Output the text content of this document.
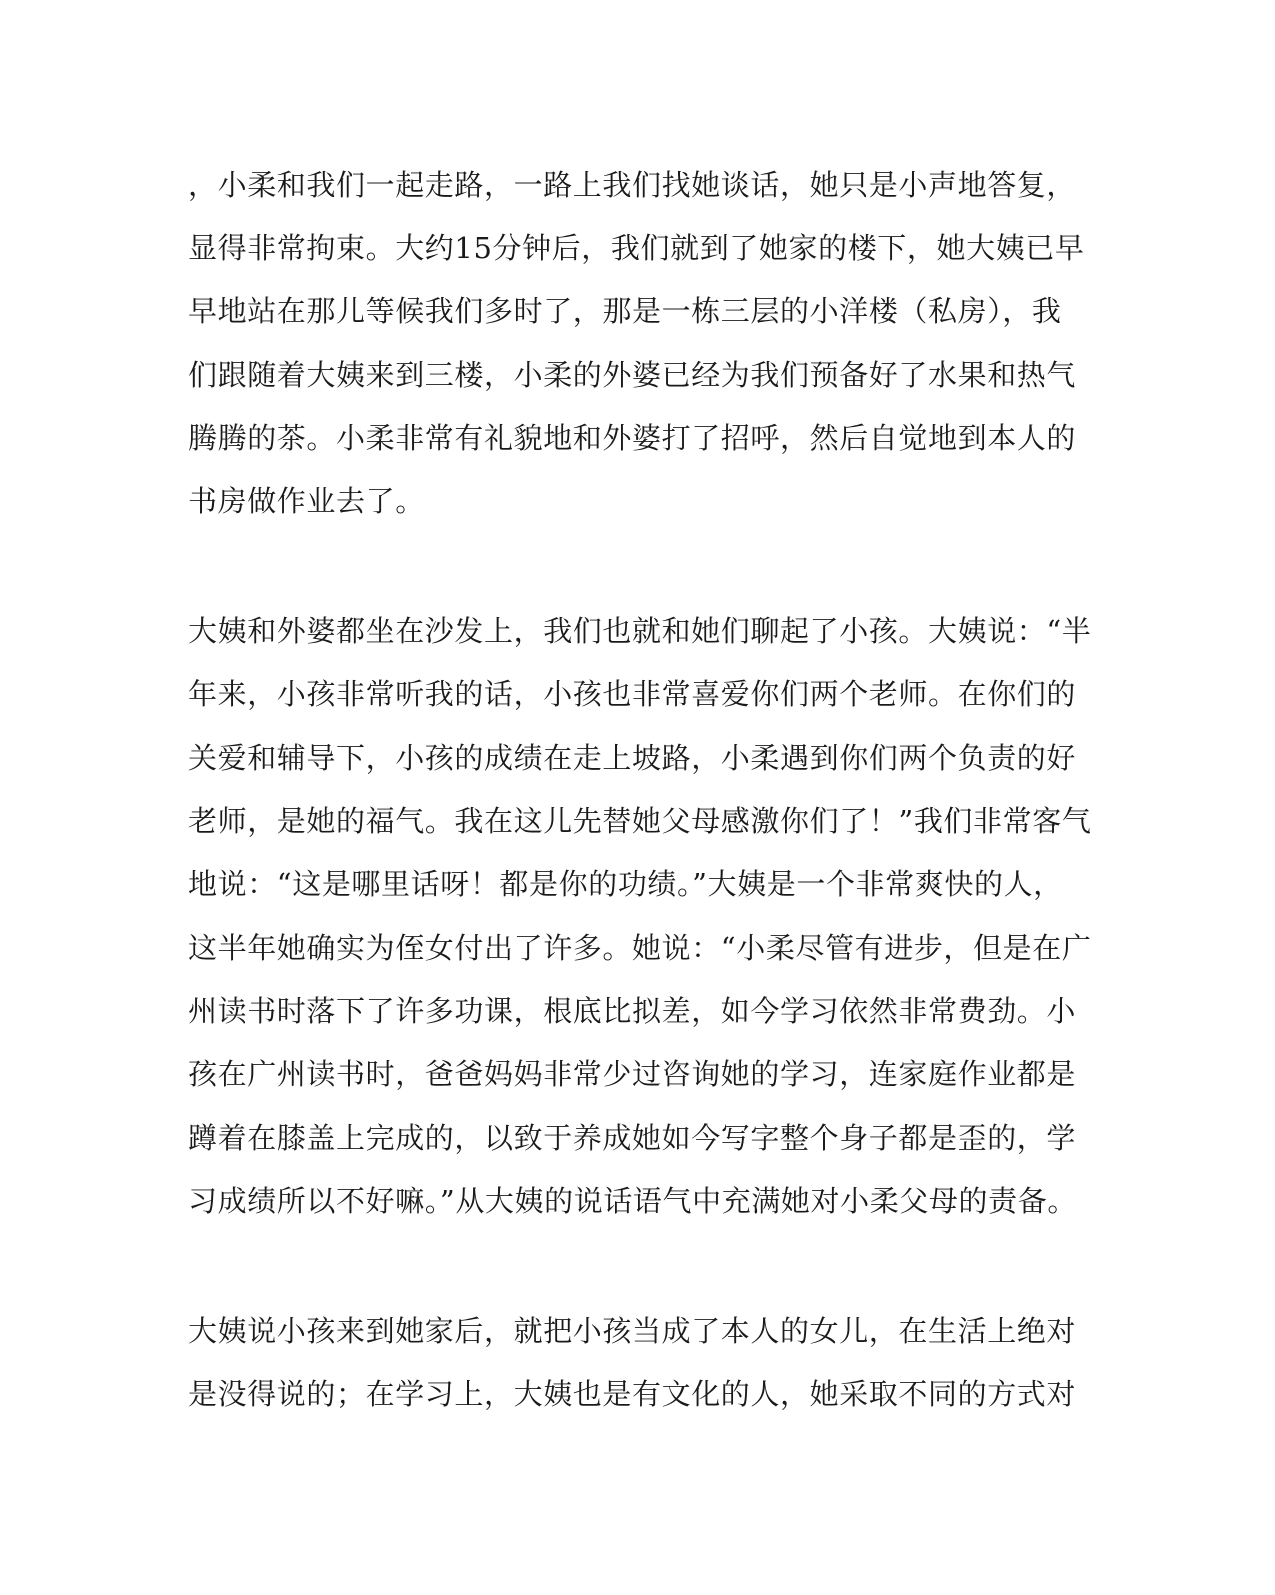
，小柔和我们一起走路，一路上我们找她谈话，她只是小声地答复，
显得非常拘束。大约15分钟后，我们就到了她家的楼下，她大姨已早
早地站在那儿等候我们多时了，那是一栋三层的小洋楼（私房），我
们跟随着大姨来到三楼，小柔的外婆已经为我们预备好了水果和热气
腾腾的茶。小柔非常有礼貌地和外婆打了招呼，然后自觉地到本人的
书房做作业去了。
大姨和外婆都坐在沙发上，我们也就和她们聊起了小孩。大姨说：“半
年来，小孩非常听我的话，小孩也非常喜爱你们两个老师。在你们的
关爱和辅导下，小孩的成绩在走上坡路，小柔遇到你们两个负责的好
老师，是她的福气。我在这儿先替她父母感激你们了！”我们非常客气
地说：“这是哪里话呀！都是你的功绩。”大姨是一个非常爽快的人，
这半年她确实为侄女付出了许多。她说：“小柔尽管有进步，但是在广
州读书时落下了许多功课，根底比拟差，如今学习依然非常费劲。小
孩在广州读书时，爸爸妈妈非常少过咨询她的学习，连家庭作业都是
蹲着在膝盖上完成的，以致于养成她如今写字整个身子都是歪的，学
习成绩所以不好嘛。”从大姨的说话语气中充满她对小柔父母的责备。
大姨说小孩来到她家后，就把小孩当成了本人的女儿，在生活上绝对
是没得说的；在学习上，大姨也是有文化的人，她采取不同的方式对
